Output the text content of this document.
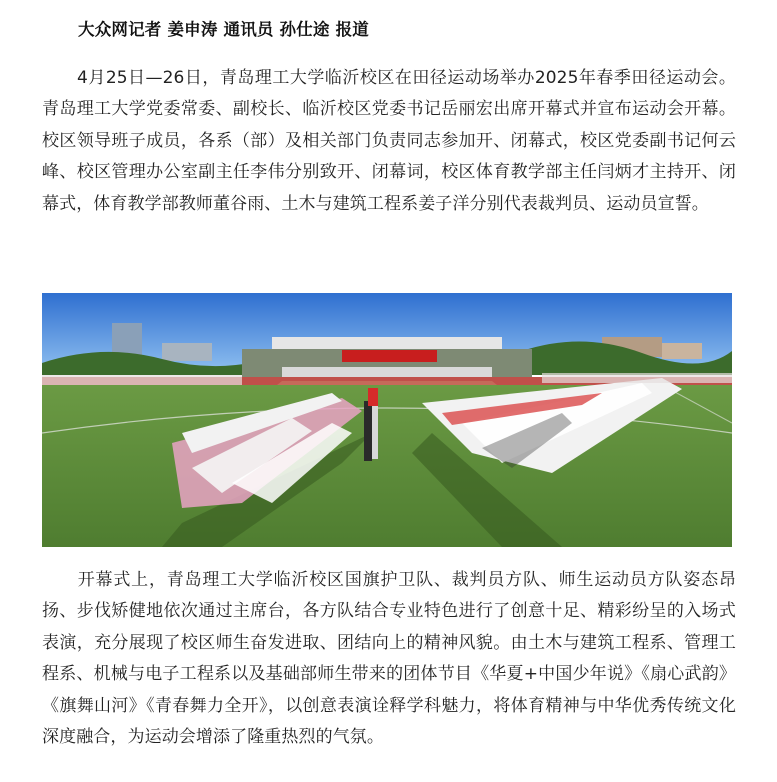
大众网记者 姜申涛 通讯员 孙仕途 报道

4月25日—26日，青岛理工大学临沂校区在田径运动场举办2025年春季田径运动会。青岛理工大学党委常委、副校长、临沂校区党委书记岳丽宏出席开幕式并宣布运动会开幕。校区领导班子成员，各系（部）及相关部门负责同志参加开、闭幕式，校区党委副书记何云峰、校区管理办公室副主任李伟分别致开、闭幕词，校区体育教学部主任闫炳才主持开、闭幕式，体育教学部教师董谷雨、土木与建筑工程系姜子洋分别代表裁判员、运动员宣誓。

开幕式上，青岛理工大学临沂校区国旗护卫队、裁判员方队、师生运动员方队姿态昂扬、步伐矫健地依次通过主席台，各方队结合专业特色进行了创意十足、精彩纷呈的入场式表演，充分展现了校区师生奋发进取、团结向上的精神风貌。由土木与建筑工程系、管理工程系、机械与电子工程系以及基础部师生带来的团体节目《华夏+中国少年说》《扇心武韵》《旗舞山河》《青春舞力全开》，以创意表演诠释学科魅力，将体育精神与中华优秀传统文化深度融合，为运动会增添了隆重热烈的气氛。
